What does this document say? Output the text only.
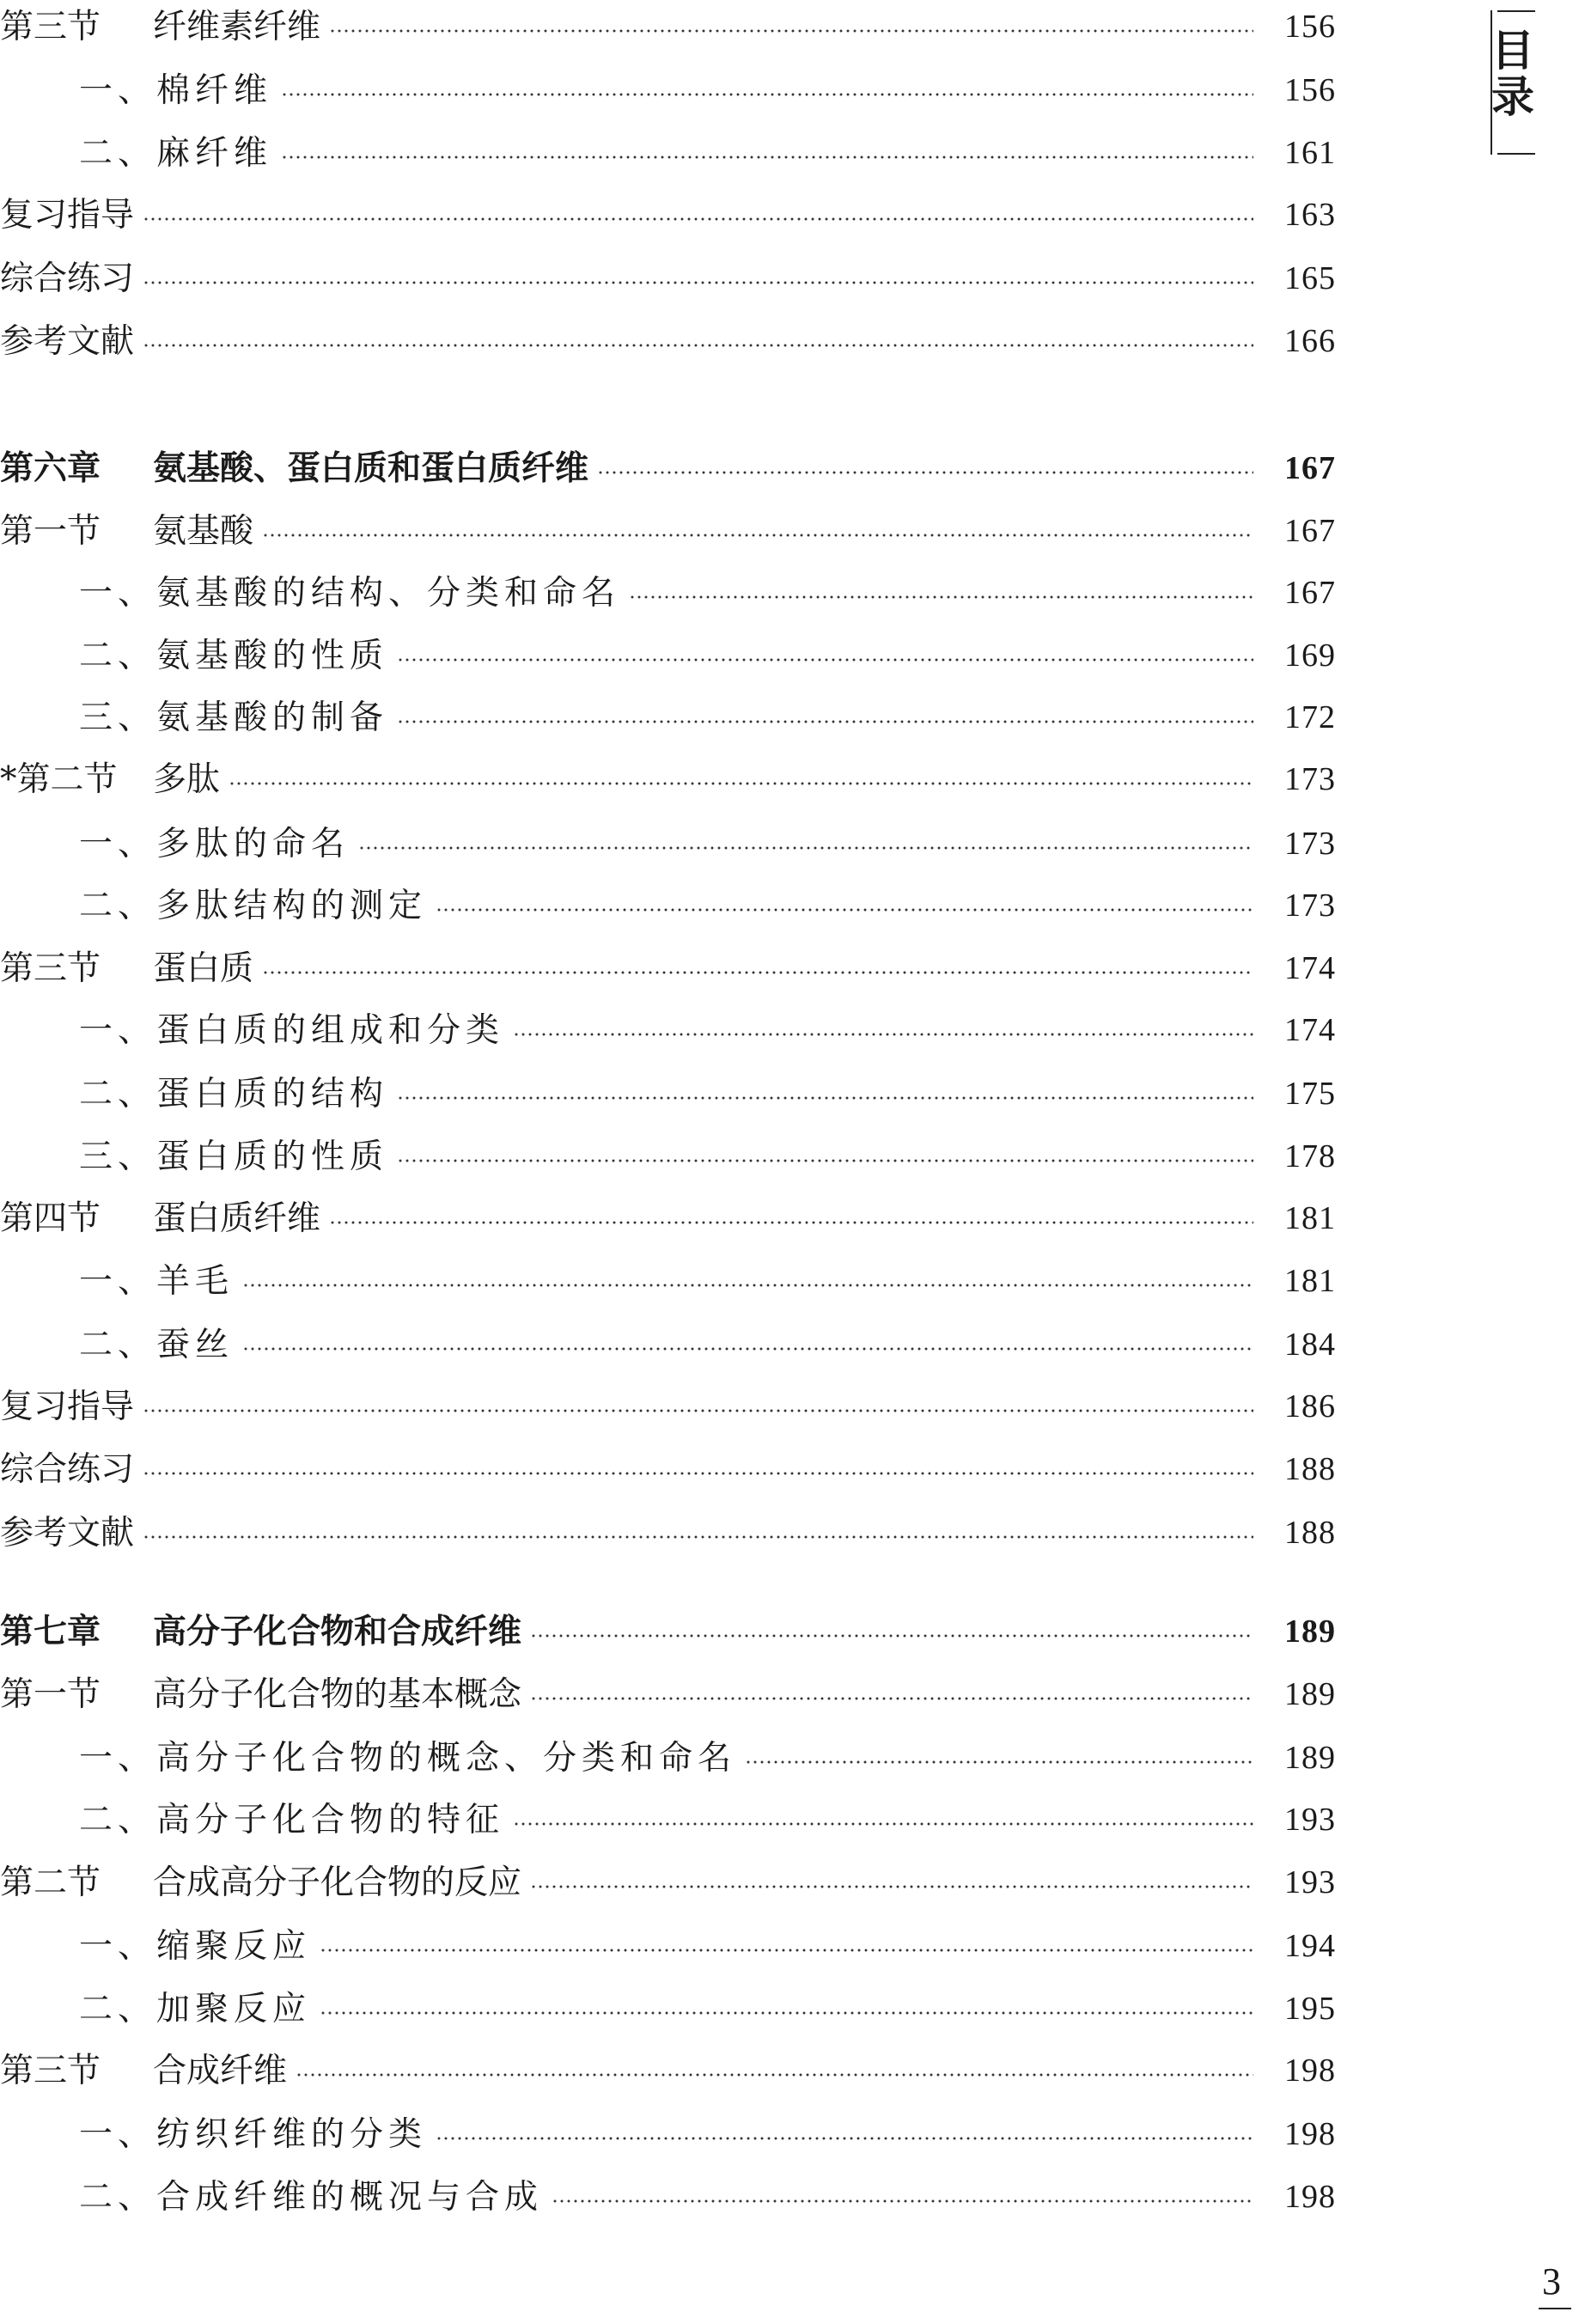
第三节 纤维素纤维	156
一、棉纤维	156
二、麻纤维	161
复习指导	163
综合练习	165
参考文献	166
第六章 氨基酸、蛋白质和蛋白质纤维	167
第一节 氨基酸	167
一、氨基酸的结构、分类和命名	167
二、氨基酸的性质	169
三、氨基酸的制备	172
*第二节 多肽	173
一、多肽的命名	173
二、多肽结构的测定	173
第三节 蛋白质	174
一、蛋白质的组成和分类	174
二、蛋白质的结构	175
三、蛋白质的性质	178
第四节 蛋白质纤维	181
一、羊毛	181
二、蚕丝	184
复习指导	186
综合练习	188
参考文献	188
第七章 高分子化合物和合成纤维	189
第一节 高分子化合物的基本概念	189
一、高分子化合物的概念、分类和命名	189
二、高分子化合物的特征	193
第二节 合成高分子化合物的反应	193
一、缩聚反应	194
二、加聚反应	195
第三节 合成纤维	198
一、纺织纤维的分类	198
二、合成纤维的概况与合成	198
目录
3
